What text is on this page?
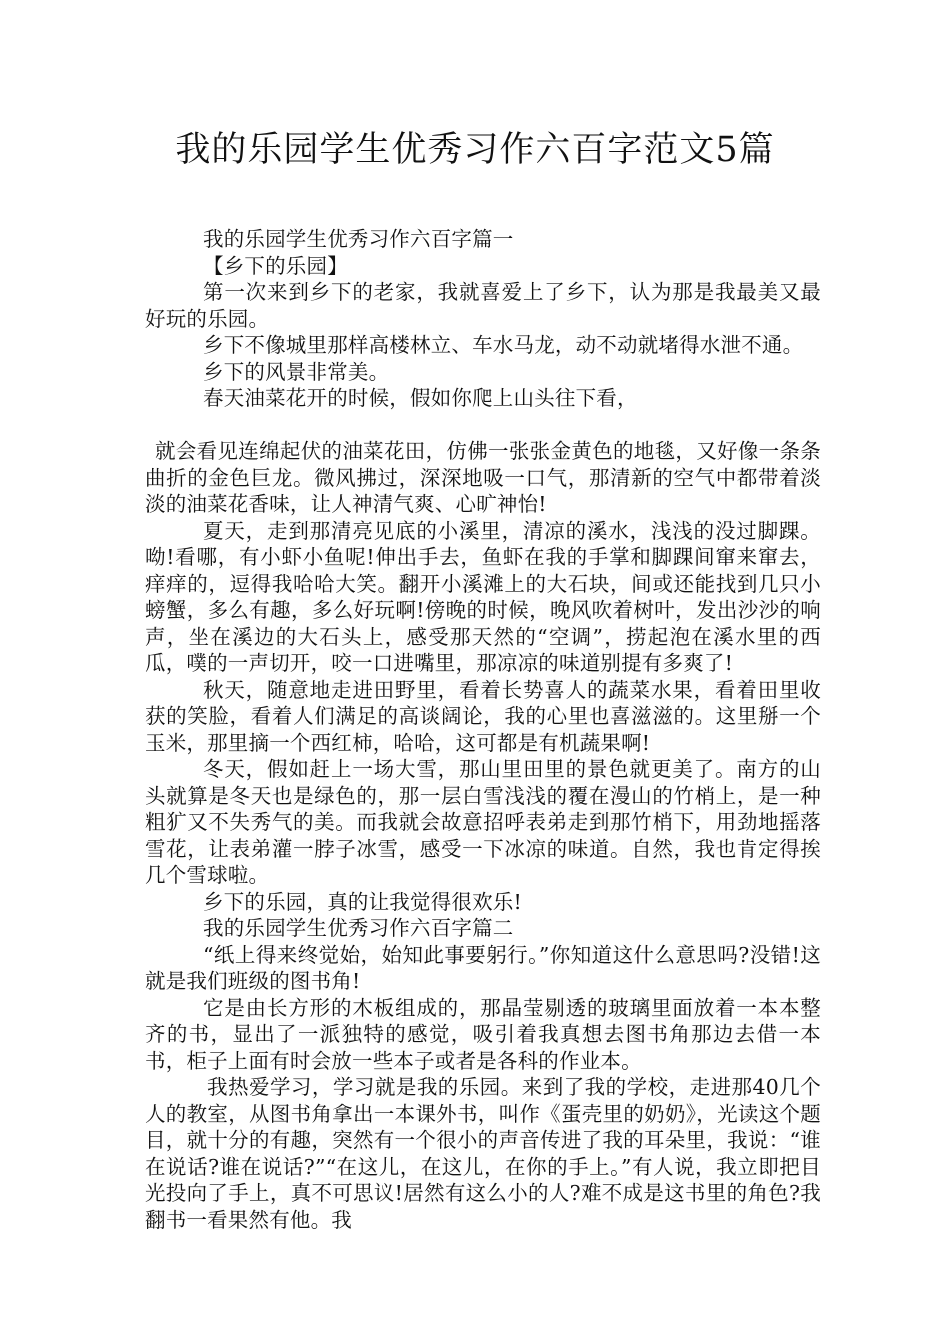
我的乐园学生优秀习作六百字范文5篇

我的乐园学生优秀习作六百字篇一

【乡下的乐园】

第一次来到乡下的老家，我就喜爱上了乡下，认为那是我最美又最好玩的乐园。

乡下不像城里那样高楼林立、车水马龙，动不动就堵得水泄不通。

乡下的风景非常美。

春天油菜花开的时候，假如你爬上山头往下看，

就会看见连绵起伏的油菜花田，仿佛一张张金黄色的地毯，又好像一条条曲折的金色巨龙。微风拂过，深深地吸一口气，那清新的空气中都带着淡淡的油菜花香味，让人神清气爽、心旷神怡!

夏天，走到那清亮见底的小溪里，清凉的溪水，浅浅的没过脚踝。呦!看哪，有小虾小鱼呢!伸出手去，鱼虾在我的手掌和脚踝间窜来窜去，痒痒的，逗得我哈哈大笑。翻开小溪滩上的大石块，间或还能找到几只小螃蟹，多么有趣，多么好玩啊!傍晚的时候，晚风吹着树叶，发出沙沙的响声，坐在溪边的大石头上，感受那天然的“空调”，捞起泡在溪水里的西瓜，噗的一声切开，咬一口进嘴里，那凉凉的味道别提有多爽了!

秋天，随意地走进田野里，看着长势喜人的蔬菜水果，看着田里收获的笑脸，看着人们满足的高谈阔论，我的心里也喜滋滋的。这里掰一个玉米，那里摘一个西红柿，哈哈，这可都是有机蔬果啊!

冬天，假如赶上一场大雪，那山里田里的景色就更美了。南方的山头就算是冬天也是绿色的，那一层白雪浅浅的覆在漫山的竹梢上，是一种粗犷又不失秀气的美。而我就会故意招呼表弟走到那竹梢下，用劲地摇落雪花，让表弟灌一脖子冰雪，感受一下冰凉的味道。自然，我也肯定得挨几个雪球啦。

乡下的乐园，真的让我觉得很欢乐!

我的乐园学生优秀习作六百字篇二

“纸上得来终觉始，始知此事要躬行。”你知道这什么意思吗?没错!这就是我们班级的图书角!

它是由长方形的木板组成的，那晶莹剔透的玻璃里面放着一本本整齐的书，显出了一派独特的感觉，吸引着我真想去图书角那边去借一本书，柜子上面有时会放一些本子或者是各科的作业本。

我热爱学习，学习就是我的乐园。来到了我的学校，走进那40几个人的教室，从图书角拿出一本课外书，叫作《蛋壳里的奶奶》，光读这个题目，就十分的有趣，突然有一个很小的声音传进了我的耳朵里，我说：“谁在说话?谁在说话?”“在这儿，在这儿，在你的手上。”有人说，我立即把目光投向了手上，真不可思议!居然有这么小的人?难不成是这书里的角色?我翻书一看果然有他。我
